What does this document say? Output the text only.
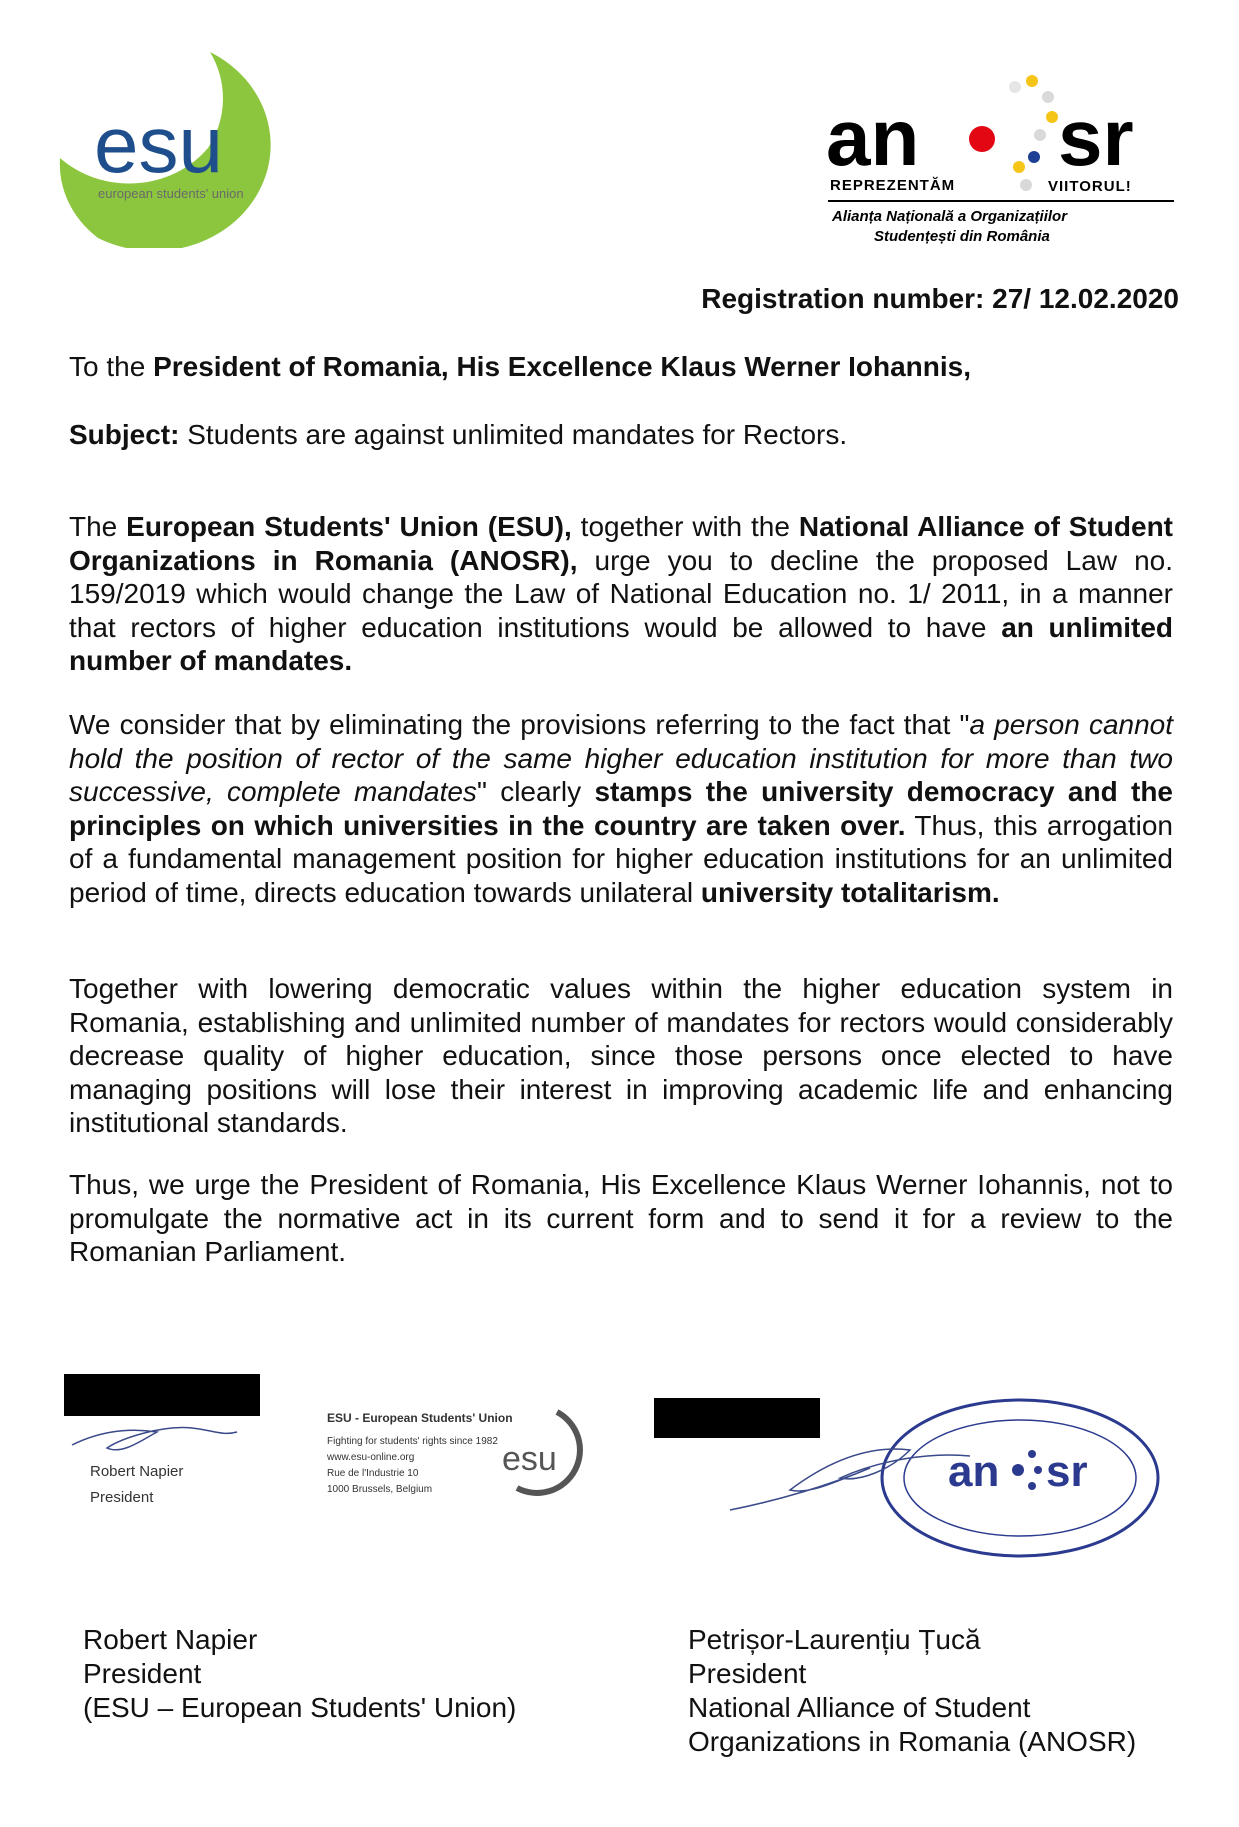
esu
european students' union
an sr
REPREZENTĂM	VIITORUL!
Alianța Națională a Organizațiilor
Studențești din România
Registration number: 27/ 12.02.2020
To the President of Romania, His Excellence Klaus Werner Iohannis,
Subject: Students are against unlimited mandates for Rectors.
The European Students' Union (ESU), together with the National Alliance of Student Organizations in Romania (ANOSR), urge you to decline the proposed Law no. 159/2019 which would change the Law of National Education no. 1/ 2011, in a manner that rectors of higher education institutions would be allowed to have an unlimited number of mandates.
We consider that by eliminating the provisions referring to the fact that "a person cannot hold the position of rector of the same higher education institution for more than two successive, complete mandates" clearly stamps the university democracy and the principles on which universities in the country are taken over. Thus, this arrogation of a fundamental management position for higher education institutions for an unlimited period of time, directs education towards unilateral university totalitarism.
Together with lowering democratic values within the higher education system in Romania, establishing and unlimited number of mandates for rectors would considerably decrease quality of higher education, since those persons once elected to have managing positions will lose their interest in improving academic life and enhancing institutional standards.
Thus, we urge the President of Romania, His Excellence Klaus Werner Iohannis, not to promulgate the normative act in its current form and to send it for a review to the Romanian Parliament.
Robert Napier
President
ESU - European Students' Union
Fighting for students' rights since 1982
www.esu-online.org
Rue de l'Industrie 10
1000 Brussels, Belgium
esu	an sr
Robert Napier
President
(ESU – European Students' Union)
Petrișor-Laurențiu Țucă
President
National Alliance of Student
Organizations in Romania (ANOSR)
